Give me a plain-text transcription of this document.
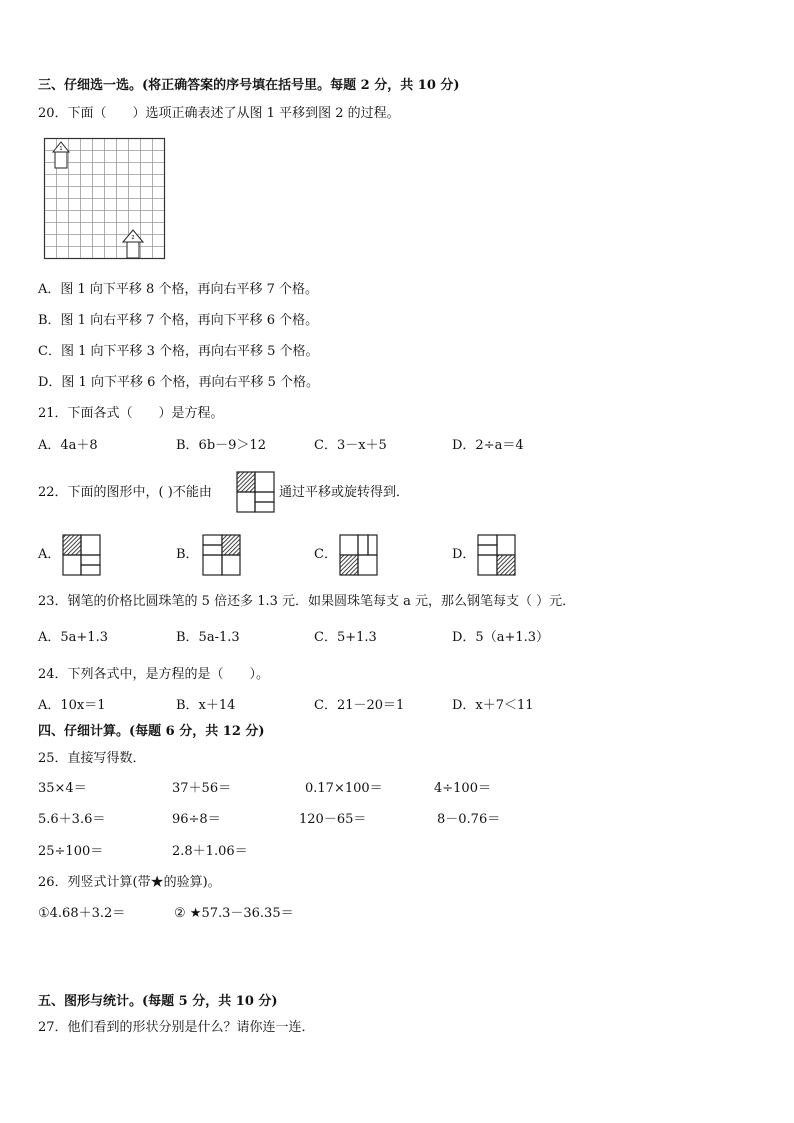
三、仔细选一选。(将正确答案的序号填在括号里。每题 2 分，共 10 分)
20．下面（　　）选项正确表述了从图 1 平移到图 2 的过程。
1
2
A．图 1 向下平移 8 个格，再向右平移 7 个格。
B．图 1 向右平移 7 个格，再向下平移 6 个格。
C．图 1 向下平移 3 个格，再向右平移 5 个格。
D．图 1 向下平移 6 个格，再向右平移 5 个格。
21．下面各式（　　）是方程。
A．4a＋8	B．6b－9＞12	C．3－x＋5	D．2÷a＝4
22．下面的图形中，( )不能由	通过平移或旋转得到．
A．	B．	C．	D．
23．钢笔的价格比圆珠笔的 5 倍还多 1.3 元．如果圆珠笔每支 a 元，那么钢笔每支（ ）元．
A．5a+1.3	B．5a-1.3	C．5+1.3	D．5（a+1.3）
24．下列各式中，是方程的是（　　）。
A．10x＝1	B．x＋14	C．21－20＝1	D．x＋7＜11
四、仔细计算。(每题 6 分，共 12 分)
25．直接写得数．
35×4＝	37＋56＝	0.17×100＝	4÷100＝
5.6＋3.6＝	96÷8＝	120－65＝	8－0.76＝
25÷100＝	2.8＋1.06＝
26．列竖式计算(带★的验算)。
①4.68＋3.2＝	② ★57.3－36.35＝
五、图形与统计。(每题 5 分，共 10 分)
27．他们看到的形状分别是什么？请你连一连．
